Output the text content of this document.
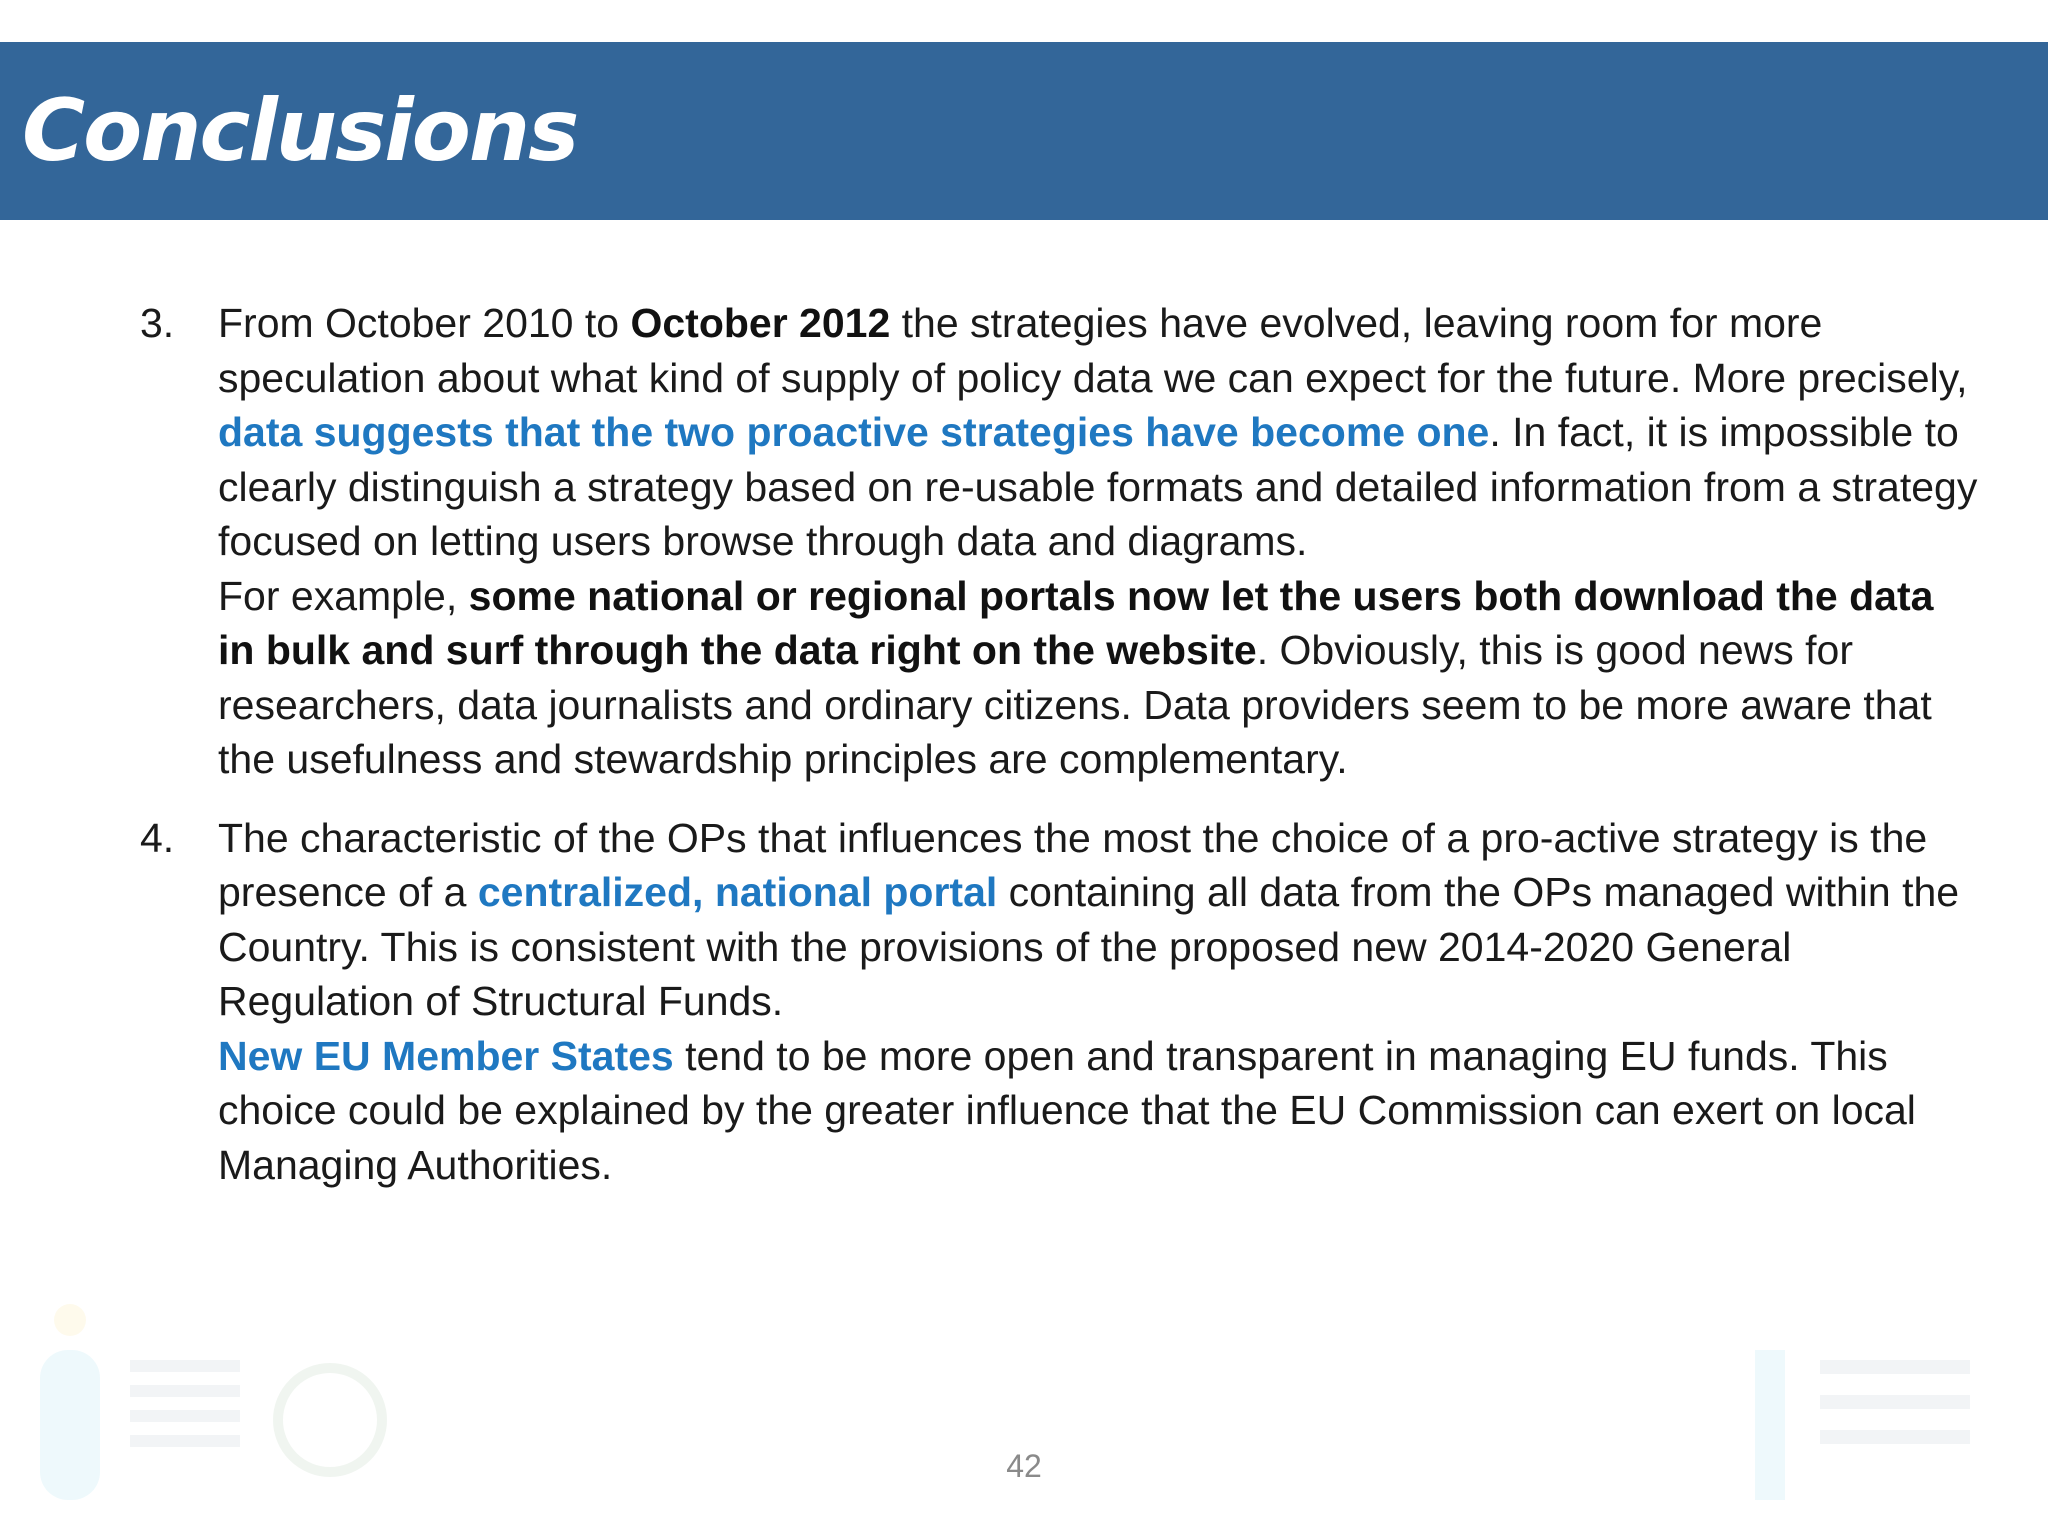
Conclusions
3. From October 2010 to October 2012 the strategies have evolved, leaving room for more speculation about what kind of supply of policy data we can expect for the future. More precisely, data suggests that the two proactive strategies have become one. In fact, it is impossible to clearly distinguish a strategy based on re-usable formats and detailed information from a strategy focused on letting users browse through data and diagrams.

For example, some national or regional portals now let the users both download the data in bulk and surf through the data right on the website. Obviously, this is good news for researchers, data journalists and ordinary citizens. Data providers seem to be more aware that the usefulness and stewardship principles are complementary.

4. The characteristic of the OPs that influences the most the choice of a pro-active strategy is the presence of a centralized, national portal containing all data from the OPs managed within the Country. This is consistent with the provisions of the proposed new 2014-2020 General Regulation of Structural Funds.

New EU Member States tend to be more open and transparent in managing EU funds. This choice could be explained by the greater influence that the EU Commission can exert on local Managing Authorities.

42
